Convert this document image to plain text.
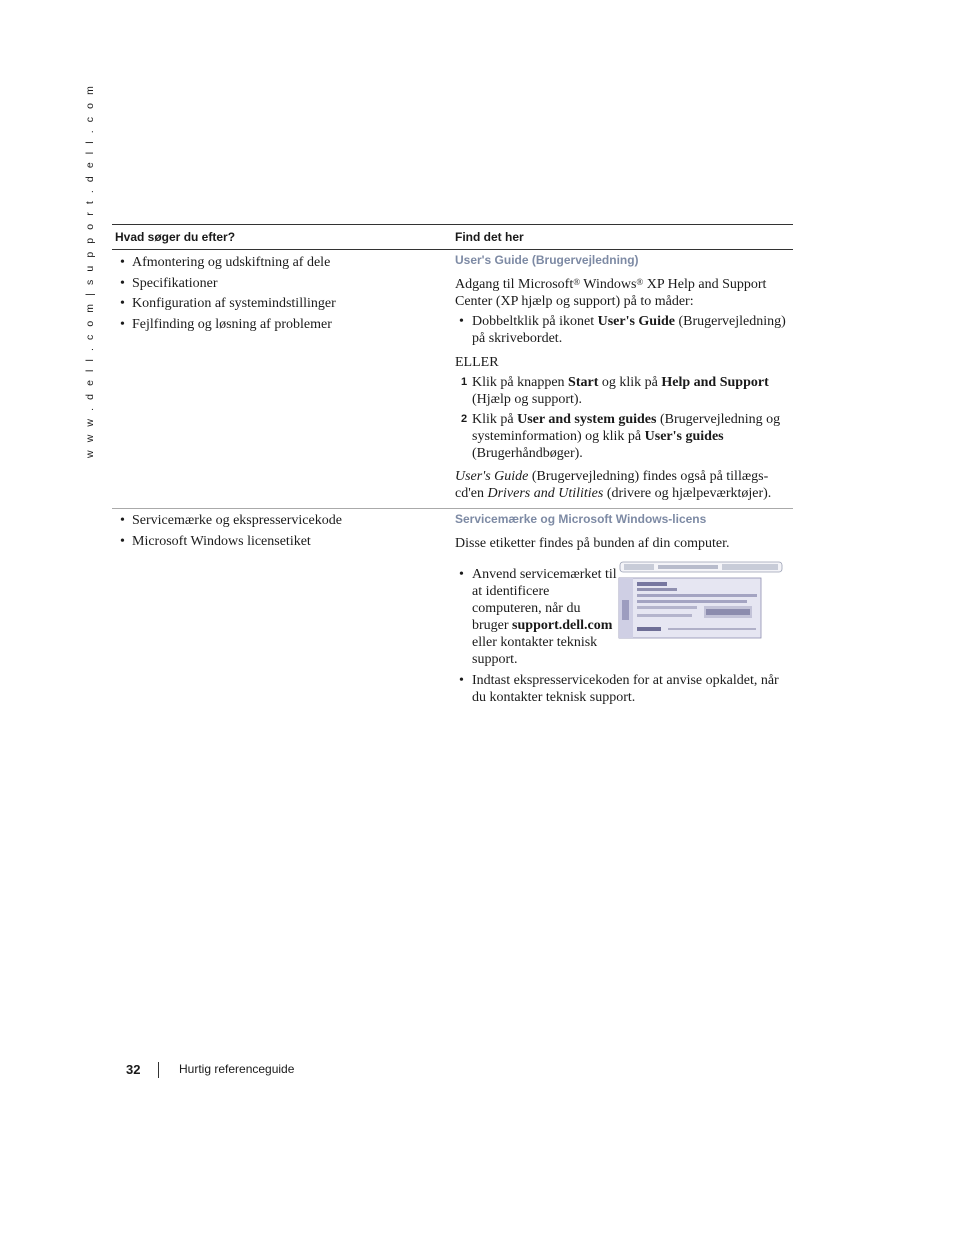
w w w . d e l l . c o m | s u p p o r t . d e l l . c o m Hvad søger du efter?	Find det her
• Afmontering og udskiftning af dele
• Specifikationer
• Konfiguration af systemindstillinger
• Fejlfinding og løsning af problemer
User's Guide (Brugervejledning)
Adgang til Microsoft® Windows® XP Help and Support Center (XP hjælp og support) på to måder:
• Dobbeltklik på ikonet User's Guide (Brugervejledning) på skrivebordet.
ELLER
1 Klik på knappen Start og klik på Help and Support (Hjælp og support).
2 Klik på User and system guides (Brugervejledning og systeminformation) og klik på User's guides (Brugerhåndbøger).
User's Guide (Brugervejledning) findes også på tillægs-cd'en Drivers and Utilities (drivere og hjælpeværktøjer).
• Servicemærke og ekspresservicekode
• Microsoft Windows licensetiket
Servicemærke og Microsoft Windows-licens
Disse etiketter findes på bunden af din computer.
• Anvend servicemærket til at identificere computeren, når du bruger support.dell.com eller kontakter teknisk support.
• Indtast ekspresservicekoden for at anvise opkaldet, når du kontakter teknisk support.
32	Hurtig referenceguide
